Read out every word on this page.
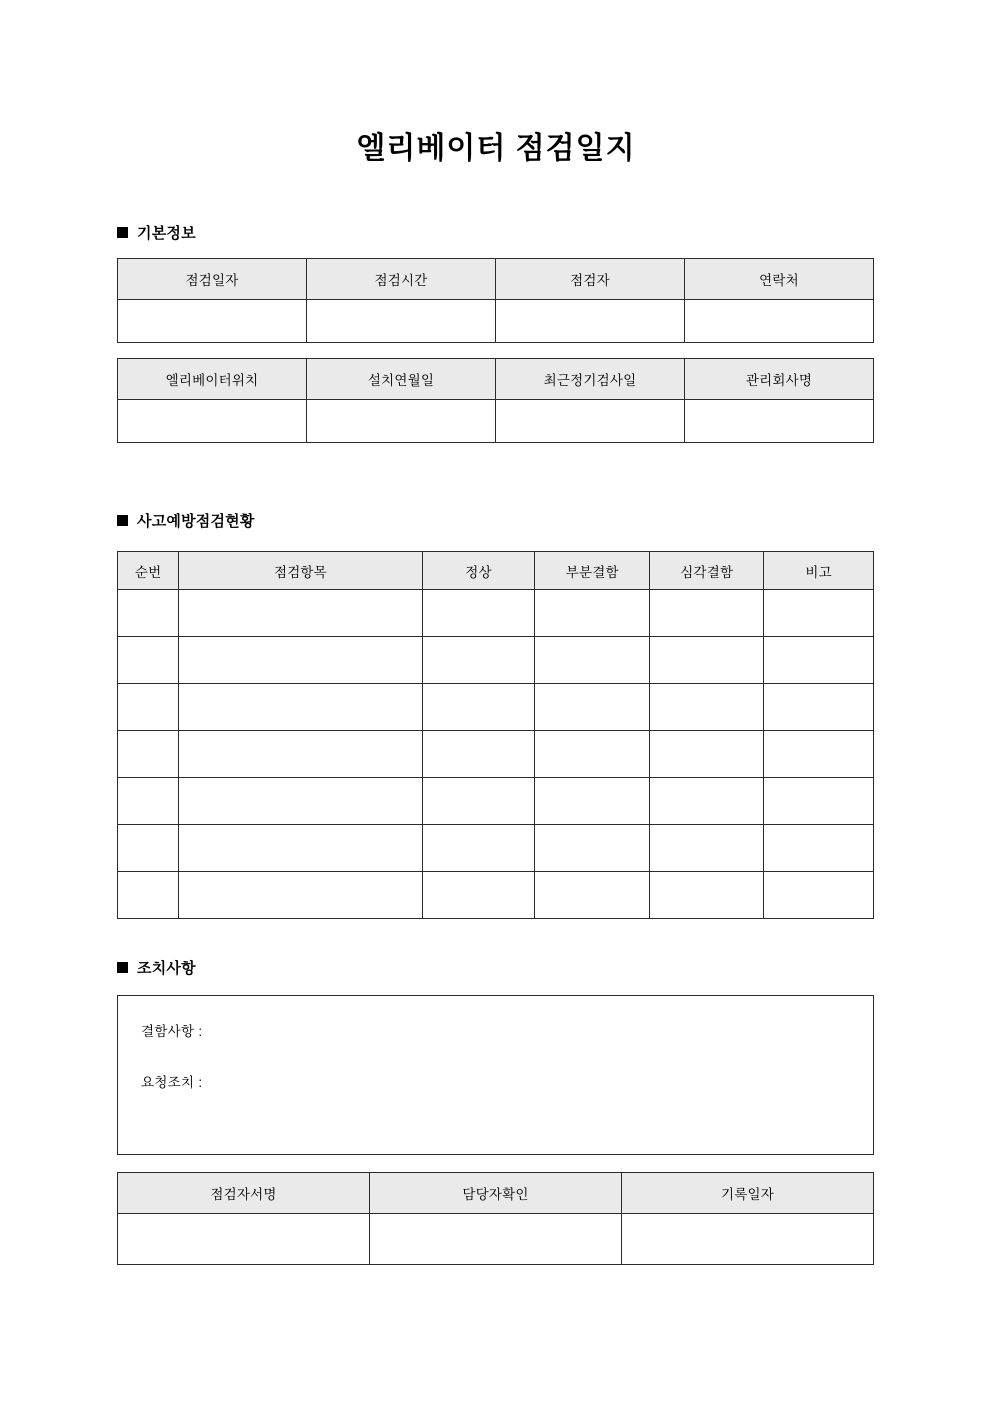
엘리베이터 점검일지
기본정보
점검일자	점검시간	점검자	연락처

엘리베이터위치	설치연월일	최근정기검사일	관리회사명

사고예방점검현황
순번	점검항목	정상	부분결함	심각결함	비고

조치사항
결함사항 :
요청조치 :
점검자서명	담당자확인	기록일자
